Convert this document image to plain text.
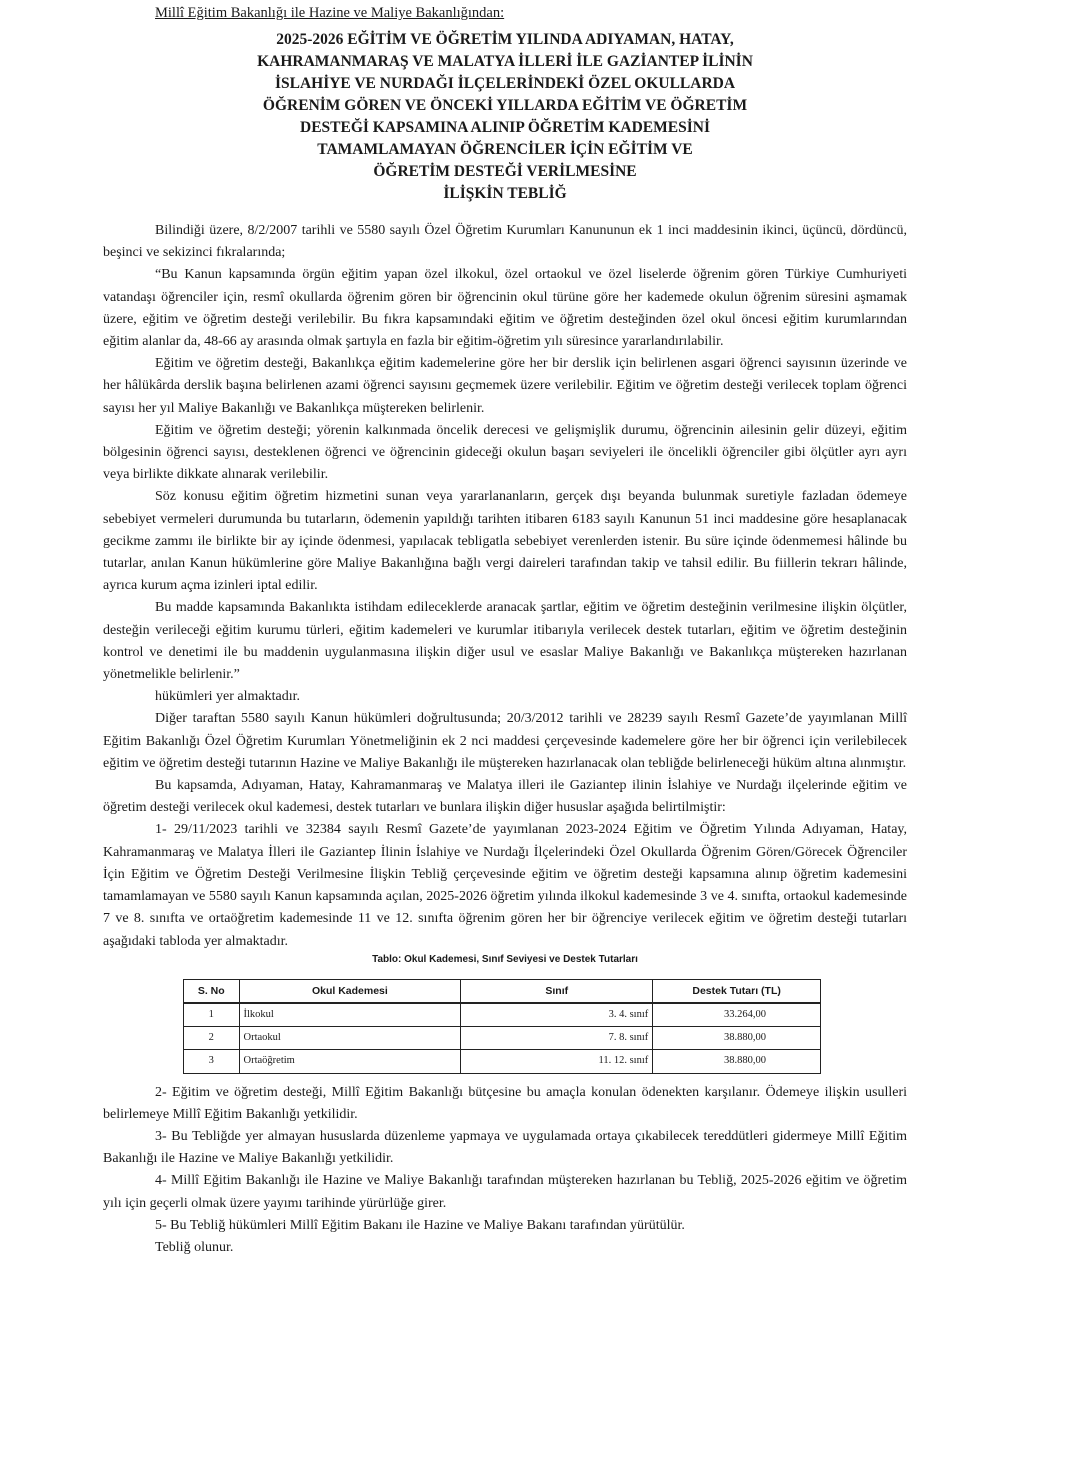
Millî Eğitim Bakanlığı ile Hazine ve Maliye Bakanlığından:
2025-2026 EĞİTİM VE ÖĞRETİM YILINDA ADIYAMAN, HATAY,
KAHRAMANMARAŞ VE MALATYA İLLERİ İLE GAZİANTEP İLİNİN
İSLAHİYE VE NURDAĞI İLÇELERİNDEKİ ÖZEL OKULLARDA
ÖĞRENİM GÖREN VE ÖNCEKİ YILLARDA EĞİTİM VE ÖĞRETİM
DESTEĞİ KAPSAMINA ALINIP ÖĞRETİM KADEMESİNİ
TAMAMLAMAYAN ÖĞRENCİLER İÇİN EĞİTİM VE
ÖĞRETİM DESTEĞİ VERİLMESİNE
İLİŞKİN TEBLİĞ

Bilindiği üzere, 8/2/2007 tarihli ve 5580 sayılı Özel Öğretim Kurumları Kanununun ek 1 inci maddesinin ikinci, üçüncü, dördüncü, beşinci ve sekizinci fıkralarında;

“Bu Kanun kapsamında örgün eğitim yapan özel ilkokul, özel ortaokul ve özel liselerde öğrenim gören Türkiye Cumhuriyeti vatandaşı öğrenciler için, resmî okullarda öğrenim gören bir öğrencinin okul türüne göre her kademede okulun öğrenim süresini aşmamak üzere, eğitim ve öğretim desteği verilebilir. Bu fıkra kapsamındaki eğitim ve öğretim desteğinden özel okul öncesi eğitim kurumlarından eğitim alanlar da, 48-66 ay arasında olmak şartıyla en fazla bir eğitim-öğretim yılı süresince yararlandırılabilir.

Eğitim ve öğretim desteği, Bakanlıkça eğitim kademelerine göre her bir derslik için belirlenen asgari öğrenci sayısının üzerinde ve her hâlükârda derslik başına belirlenen azami öğrenci sayısını geçmemek üzere verilebilir. Eğitim ve öğretim desteği verilecek toplam öğrenci sayısı her yıl Maliye Bakanlığı ve Bakanlıkça müştereken belirlenir.

Eğitim ve öğretim desteği; yörenin kalkınmada öncelik derecesi ve gelişmişlik durumu, öğrencinin ailesinin gelir düzeyi, eğitim bölgesinin öğrenci sayısı, desteklenen öğrenci ve öğrencinin gideceği okulun başarı seviyeleri ile öncelikli öğrenciler gibi ölçütler ayrı ayrı veya birlikte dikkate alınarak verilebilir.

Söz konusu eğitim öğretim hizmetini sunan veya yararlananların, gerçek dışı beyanda bulunmak suretiyle fazladan ödemeye sebebiyet vermeleri durumunda bu tutarların, ödemenin yapıldığı tarihten itibaren 6183 sayılı Kanunun 51 inci maddesine göre hesaplanacak gecikme zammı ile birlikte bir ay içinde ödenmesi, yapılacak tebligatla sebebiyet verenlerden istenir. Bu süre içinde ödenmemesi hâlinde bu tutarlar, anılan Kanun hükümlerine göre Maliye Bakanlığına bağlı vergi daireleri tarafından takip ve tahsil edilir. Bu fiillerin tekrarı hâlinde, ayrıca kurum açma izinleri iptal edilir.

Bu madde kapsamında Bakanlıkta istihdam edileceklerde aranacak şartlar, eğitim ve öğretim desteğinin verilmesine ilişkin ölçütler, desteğin verileceği eğitim kurumu türleri, eğitim kademeleri ve kurumlar itibarıyla verilecek destek tutarları, eğitim ve öğretim desteğinin kontrol ve denetimi ile bu maddenin uygulanmasına ilişkin diğer usul ve esaslar Maliye Bakanlığı ve Bakanlıkça müştereken hazırlanan yönetmelikle belirlenir.”

hükümleri yer almaktadır.

Diğer taraftan 5580 sayılı Kanun hükümleri doğrultusunda; 20/3/2012 tarihli ve 28239 sayılı Resmî Gazete’de yayımlanan Millî Eğitim Bakanlığı Özel Öğretim Kurumları Yönetmeliğinin ek 2 nci maddesi çerçevesinde kademelere göre her bir öğrenci için verilebilecek eğitim ve öğretim desteği tutarının Hazine ve Maliye Bakanlığı ile müştereken hazırlanacak olan tebliğde belirleneceği hüküm altına alınmıştır.

Bu kapsamda, Adıyaman, Hatay, Kahramanmaraş ve Malatya illeri ile Gaziantep ilinin İslahiye ve Nurdağı ilçelerinde eğitim ve öğretim desteği verilecek okul kademesi, destek tutarları ve bunlara ilişkin diğer hususlar aşağıda belirtilmiştir:

1- 29/11/2023 tarihli ve 32384 sayılı Resmî Gazete’de yayımlanan 2023-2024 Eğitim ve Öğretim Yılında Adıyaman, Hatay, Kahramanmaraş ve Malatya İlleri ile Gaziantep İlinin İslahiye ve Nurdağı İlçelerindeki Özel Okullarda Öğrenim Gören/Görecek Öğrenciler İçin Eğitim ve Öğretim Desteği Verilmesine İlişkin Tebliğ çerçevesinde eğitim ve öğretim desteği kapsamına alınıp öğretim kademesini tamamlamayan ve 5580 sayılı Kanun kapsamında açılan, 2025-2026 öğretim yılında ilkokul kademesinde 3 ve 4. sınıfta, ortaokul kademesinde 7 ve 8. sınıfta ve ortaöğretim kademesinde 11 ve 12. sınıfta öğrenim gören her bir öğrenciye verilecek eğitim ve öğretim desteği tutarları aşağıdaki tabloda yer almaktadır.

Tablo: Okul Kademesi, Sınıf Seviyesi ve Destek Tutarları
S. No	Okul Kademesi	Sınıf	Destek Tutarı (TL)
1	İlkokul	3. 4. sınıf	33.264,00
2	Ortaokul	7. 8. sınıf	38.880,00
3	Ortaöğretim	11. 12. sınıf	38.880,00

2- Eğitim ve öğretim desteği, Millî Eğitim Bakanlığı bütçesine bu amaçla konulan ödenekten karşılanır. Ödemeye ilişkin usulleri belirlemeye Millî Eğitim Bakanlığı yetkilidir.

3- Bu Tebliğde yer almayan hususlarda düzenleme yapmaya ve uygulamada ortaya çıkabilecek tereddütleri gidermeye Millî Eğitim Bakanlığı ile Hazine ve Maliye Bakanlığı yetkilidir.

4- Millî Eğitim Bakanlığı ile Hazine ve Maliye Bakanlığı tarafından müştereken hazırlanan bu Tebliğ, 2025-2026 eğitim ve öğretim yılı için geçerli olmak üzere yayımı tarihinde yürürlüğe girer.

5- Bu Tebliğ hükümleri Millî Eğitim Bakanı ile Hazine ve Maliye Bakanı tarafından yürütülür.

Tebliğ olunur.
